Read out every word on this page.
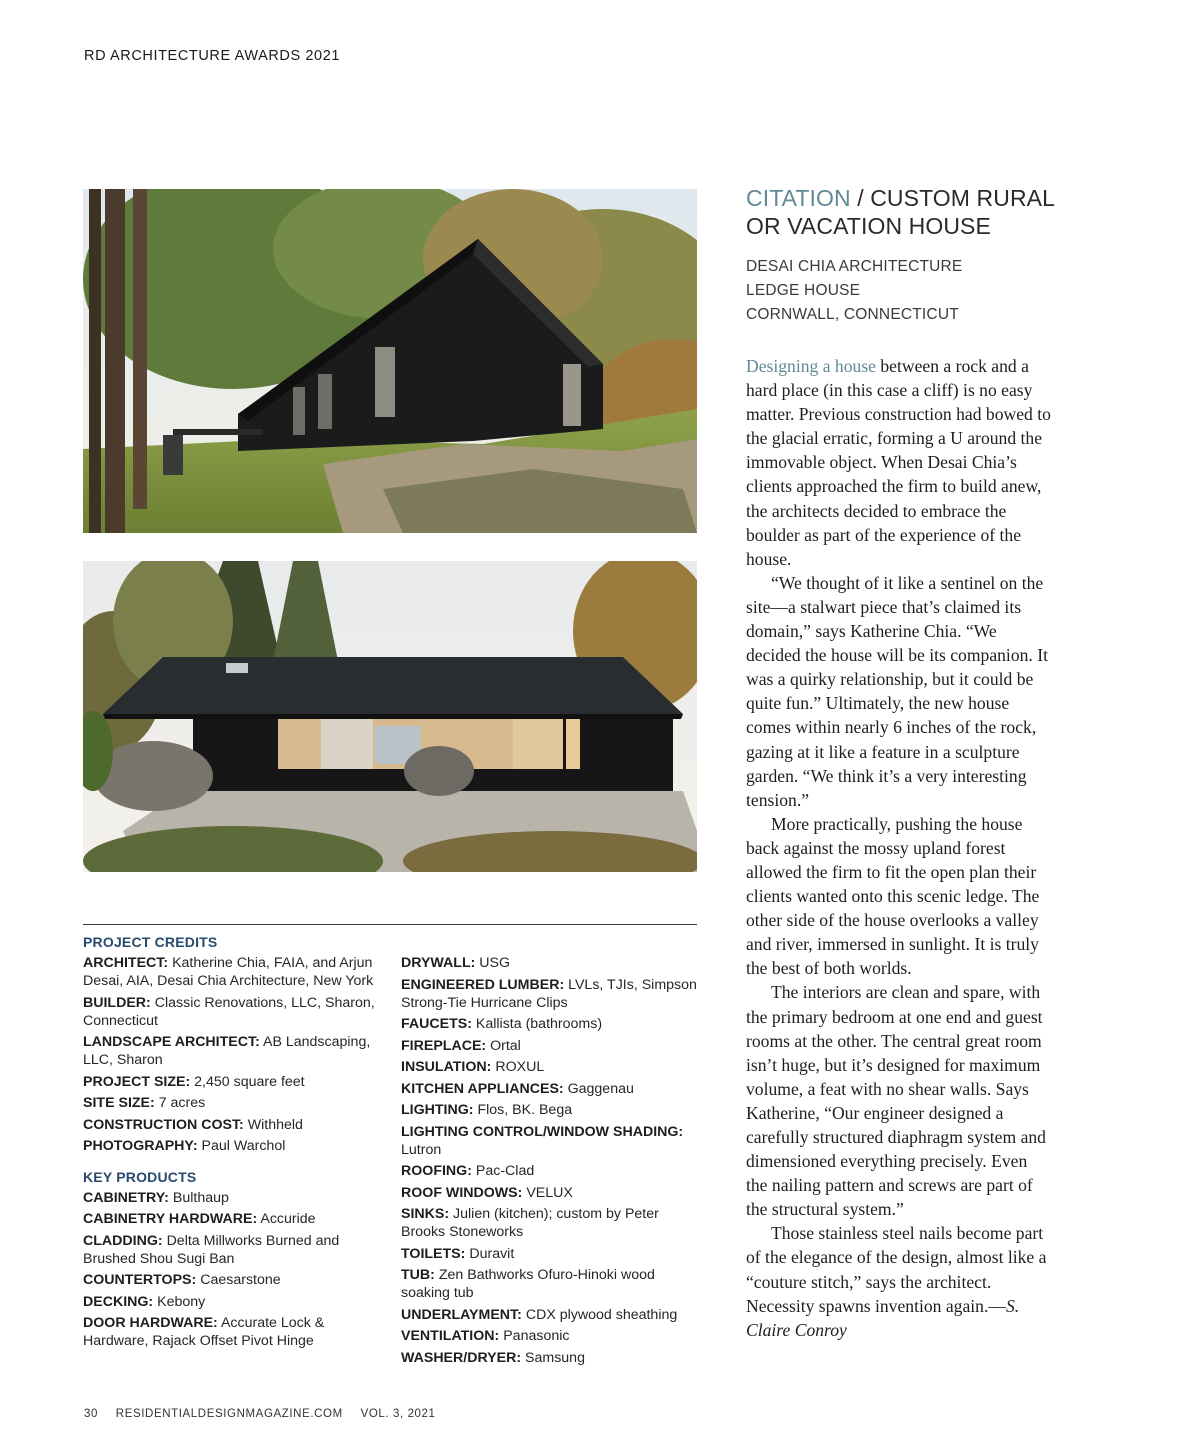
RD ARCHITECTURE AWARDS 2021
PROJECT CREDITS
ARCHITECT: Katherine Chia, FAIA, and Arjun Desai, AIA, Desai Chia Architecture, New York
BUILDER: Classic Renovations, LLC, Sharon, Connecticut
LANDSCAPE ARCHITECT: AB Landscaping, LLC, Sharon
PROJECT SIZE: 2,450 square feet
SITE SIZE: 7 acres
CONSTRUCTION COST: Withheld
PHOTOGRAPHY: Paul Warchol
KEY PRODUCTS
CABINETRY: Bulthaup
CABINETRY HARDWARE: Accuride
CLADDING: Delta Millworks Burned and Brushed Shou Sugi Ban
COUNTERTOPS: Caesarstone
DECKING: Kebony
DOOR HARDWARE: Accurate Lock & Hardware, Rajack Offset Pivot Hinge
DRYWALL: USG
ENGINEERED LUMBER: LVLs, TJIs, Simpson Strong-Tie Hurricane Clips
FAUCETS: Kallista (bathrooms)
FIREPLACE: Ortal
INSULATION: ROXUL
KITCHEN APPLIANCES: Gaggenau
LIGHTING: Flos, BK. Bega
LIGHTING CONTROL/WINDOW SHADING: Lutron
ROOFING: Pac-Clad
ROOF WINDOWS: VELUX
SINKS: Julien (kitchen); custom by Peter Brooks Stoneworks
TOILETS: Duravit
TUB: Zen Bathworks Ofuro-Hinoki wood soaking tub
UNDERLAYMENT: CDX plywood sheathing
VENTILATION: Panasonic
WASHER/DRYER: Samsung
CITATION / CUSTOM RURAL OR VACATION HOUSE
DESAI CHIA ARCHITECTURE
LEDGE HOUSE
CORNWALL, CONNECTICUT

Designing a house between a rock and a hard place (in this case a cliff) is no easy matter. Previous construction had bowed to the glacial erratic, forming a U around the immovable object. When Desai Chia’s clients approached the firm to build anew, the architects decided to embrace the boulder as part of the experience of the house.

“We thought of it like a sentinel on the site—a stalwart piece that’s claimed its domain,” says Katherine Chia. “We decided the house will be its companion. It was a quirky relationship, but it could be quite fun.” Ultimately, the new house comes within nearly 6 inches of the rock, gazing at it like a feature in a sculpture garden. “We think it’s a very interesting tension.”

More practically, pushing the house back against the mossy upland forest allowed the firm to fit the open plan their clients wanted onto this scenic ledge. The other side of the house overlooks a valley and river, immersed in sunlight. It is truly the best of both worlds.

The interiors are clean and spare, with the primary bedroom at one end and guest rooms at the other. The central great room isn’t huge, but it’s designed for maximum volume, a feat with no shear walls. Says Katherine, “Our engineer designed a carefully structured diaphragm system and dimensioned everything precisely. Even the nailing pattern and screws are part of the structural system.”

Those stainless steel nails become part of the elegance of the design, almost like a “couture stitch,” says the architect. Necessity spawns invention again.—S. Claire Conroy

30 RESIDENTIALDESIGNMAGAZINE.COM VOL. 3, 2021
